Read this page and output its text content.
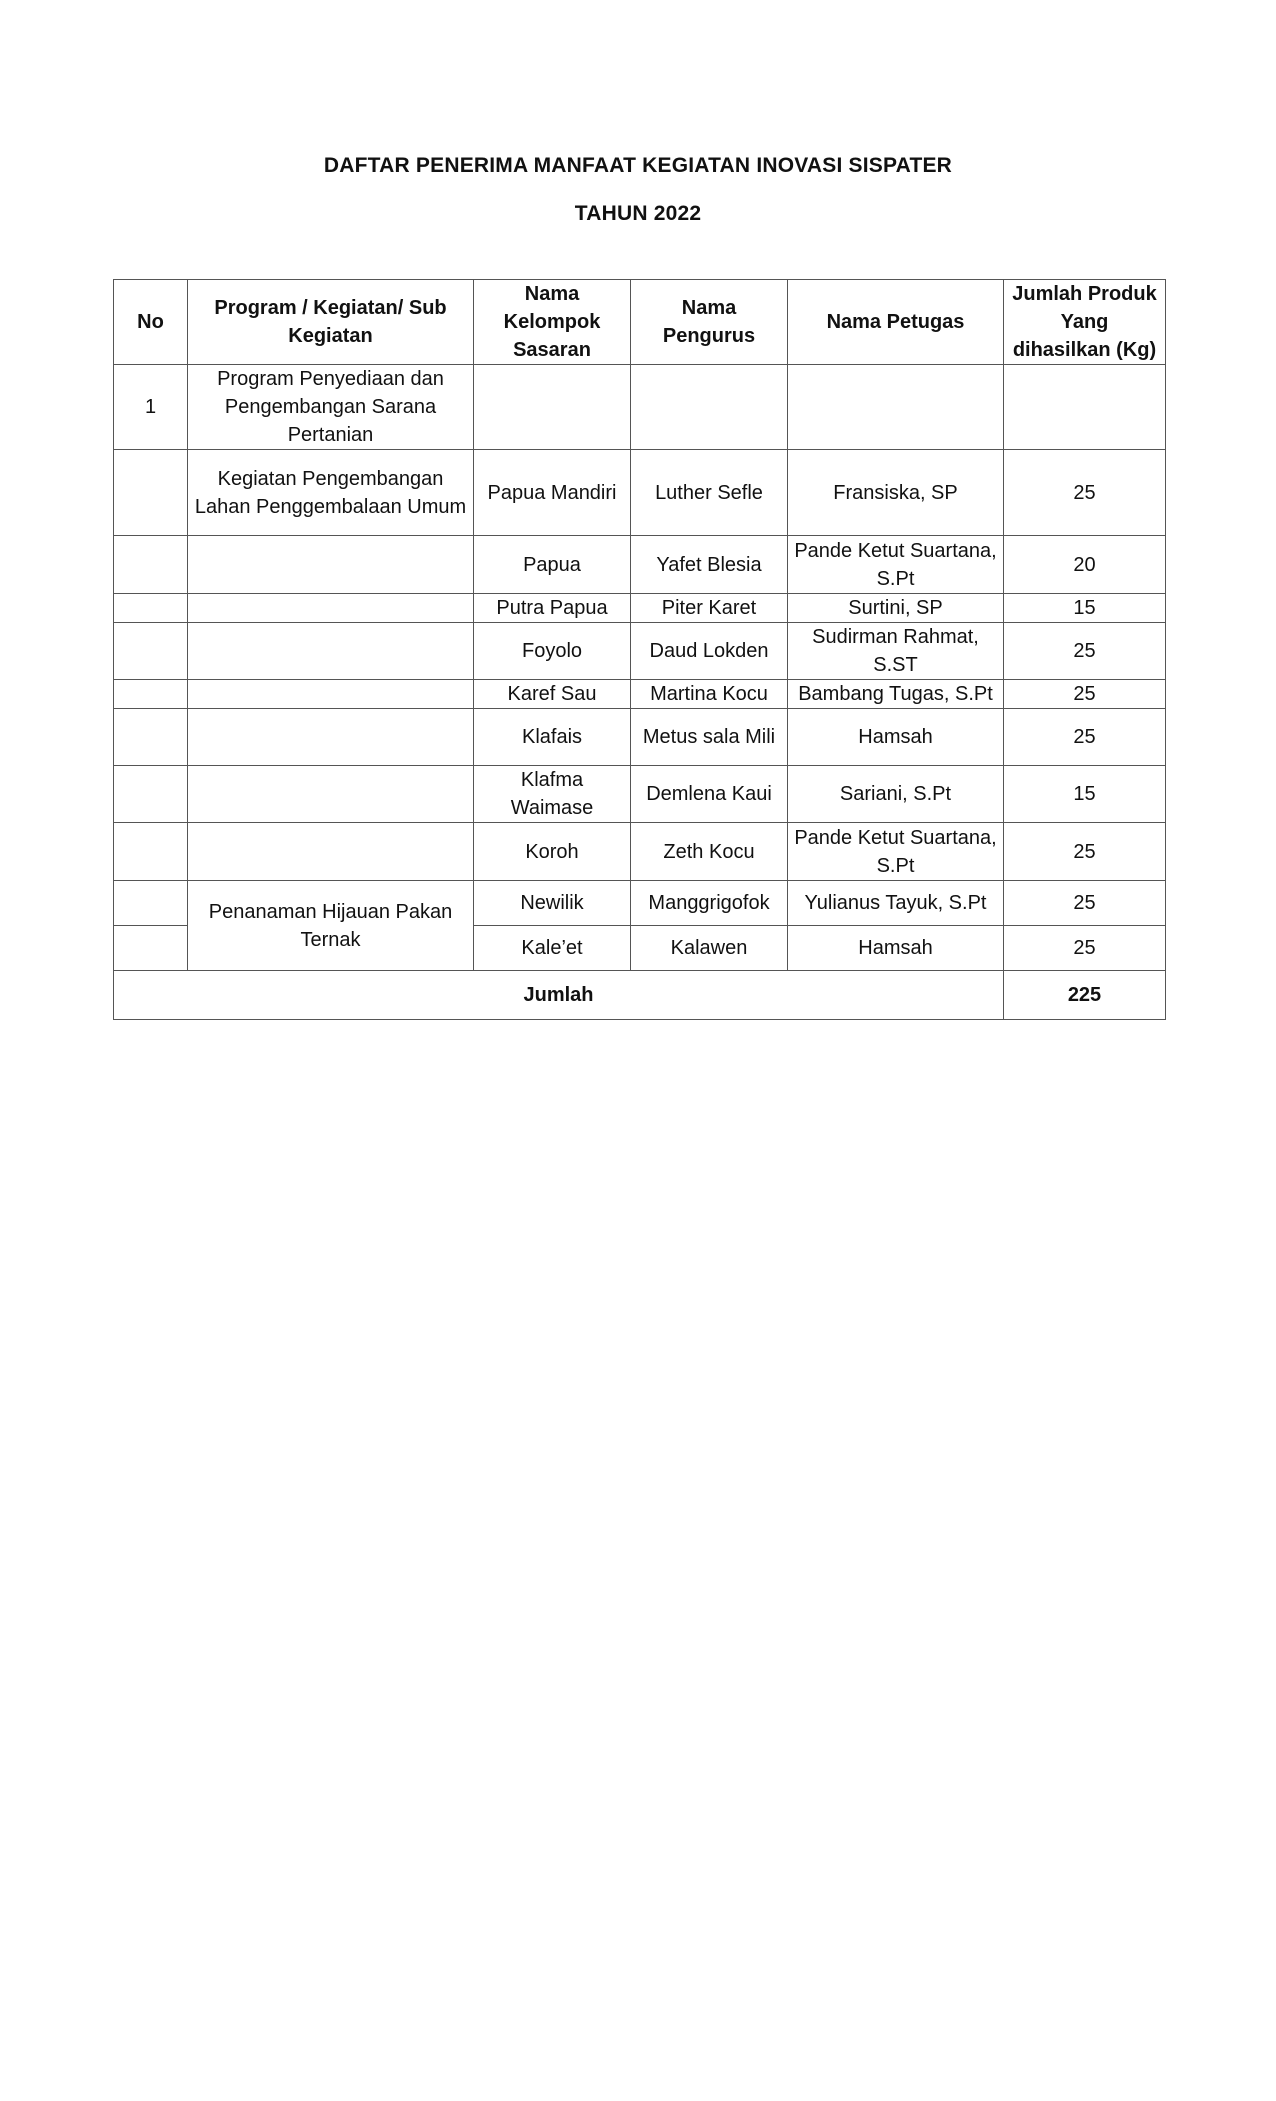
DAFTAR PENERIMA MANFAAT KEGIATAN INOVASI SISPATER
TAHUN 2022
No	Program / Kegiatan/ Sub Kegiatan	Nama Kelompok Sasaran	Nama Pengurus	Nama Petugas	Jumlah Produk Yang dihasilkan (Kg)
1	Program Penyediaan dan Pengembangan Sarana Pertanian				
	Kegiatan Pengembangan Lahan Penggembalaan Umum	Papua Mandiri	Luther Sefle	Fransiska, SP	25
		Papua	Yafet Blesia	Pande Ketut Suartana, S.Pt	20
		Putra Papua	Piter Karet	Surtini, SP	15
		Foyolo	Daud Lokden	Sudirman Rahmat, S.ST	25
		Karef Sau	Martina Kocu	Bambang Tugas, S.Pt	25
		Klafais	Metus sala Mili	Hamsah	25
		Klafma Waimase	Demlena Kaui	Sariani, S.Pt	15
		Koroh	Zeth Kocu	Pande Ketut Suartana, S.Pt	25
	Penanaman Hijauan Pakan Ternak	Newilik	Manggrigofok	Yulianus Tayuk, S.Pt	25
		Kale’et	Kalawen	Hamsah	25
Jumlah					225
